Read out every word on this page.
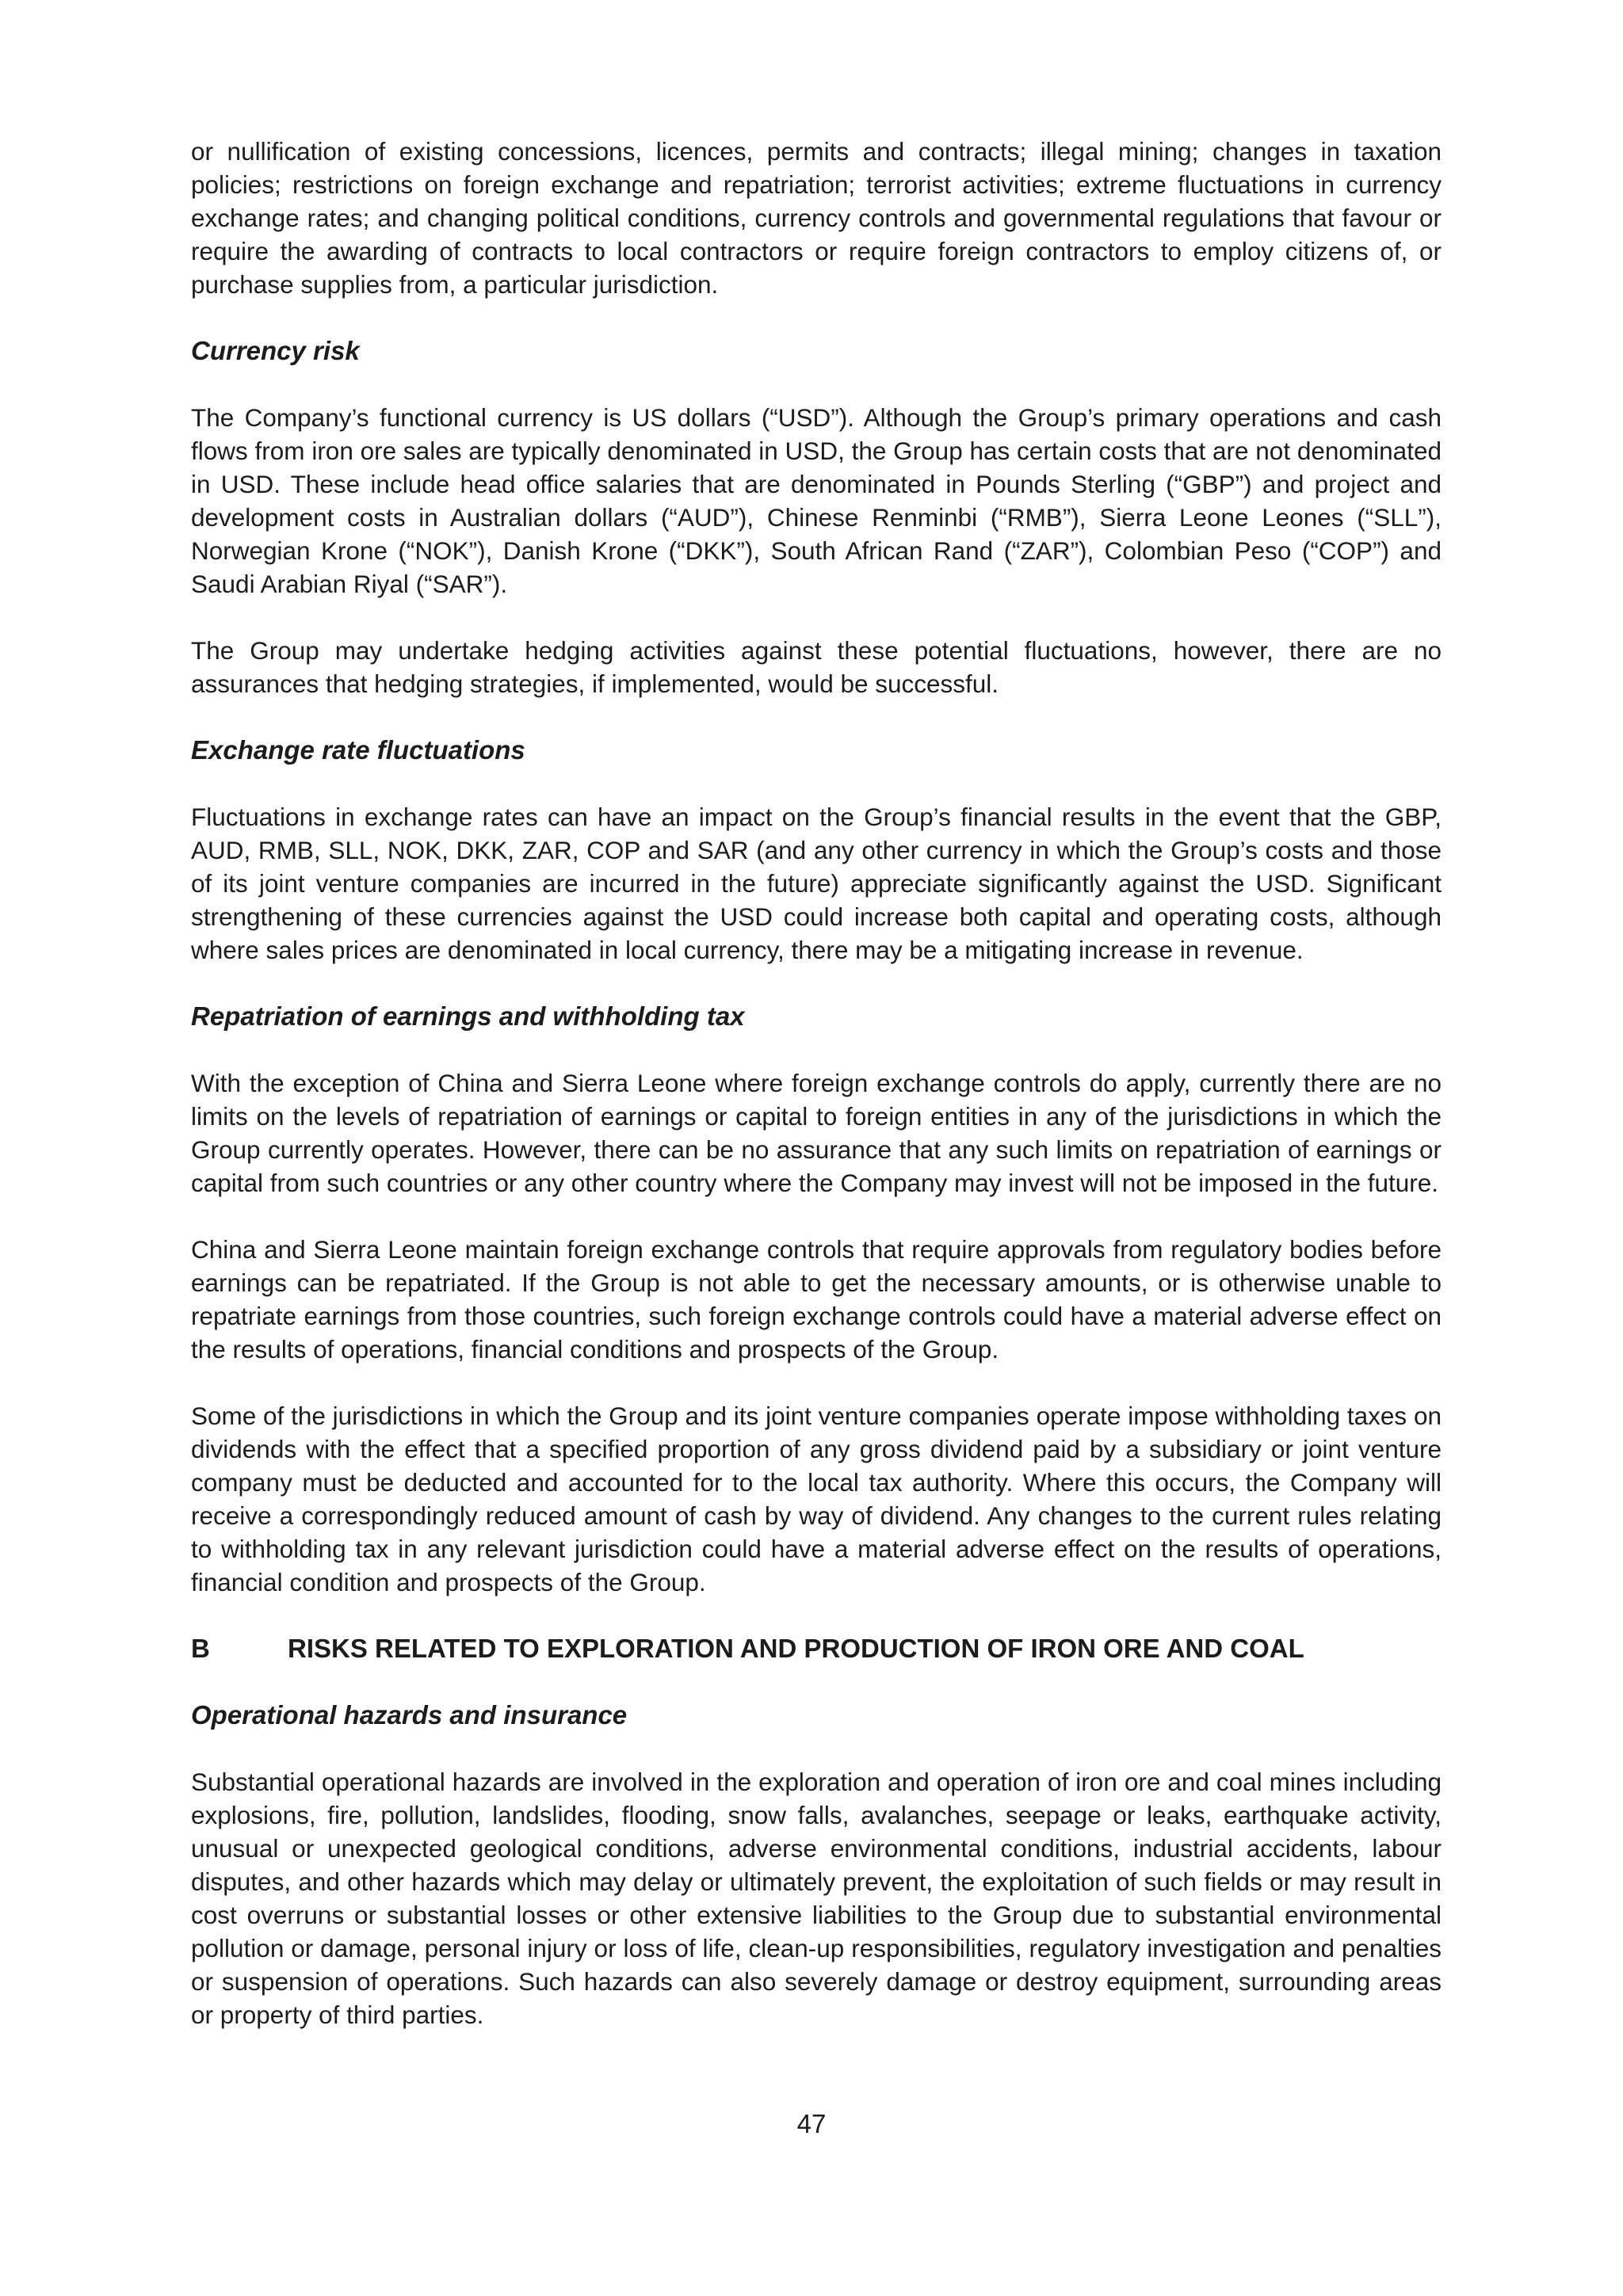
or nullification of existing concessions, licences, permits and contracts; illegal mining; changes in taxation policies; restrictions on foreign exchange and repatriation; terrorist activities; extreme fluctuations in currency exchange rates; and changing political conditions, currency controls and governmental regulations that favour or require the awarding of contracts to local contractors or require foreign contractors to employ citizens of, or purchase supplies from, a particular jurisdiction.

Currency risk

The Company’s functional currency is US dollars (“USD”). Although the Group’s primary operations and cash flows from iron ore sales are typically denominated in USD, the Group has certain costs that are not denominated in USD. These include head office salaries that are denominated in Pounds Sterling (“GBP”) and project and development costs in Australian dollars (“AUD”), Chinese Renminbi (“RMB”), Sierra Leone Leones (“SLL”), Norwegian Krone (“NOK”), Danish Krone (“DKK”), South African Rand (“ZAR”), Colombian Peso (“COP”) and Saudi Arabian Riyal (“SAR”).

The Group may undertake hedging activities against these potential fluctuations, however, there are no assurances that hedging strategies, if implemented, would be successful.

Exchange rate fluctuations

Fluctuations in exchange rates can have an impact on the Group’s financial results in the event that the GBP, AUD, RMB, SLL, NOK, DKK, ZAR, COP and SAR (and any other currency in which the Group’s costs and those of its joint venture companies are incurred in the future) appreciate significantly against the USD. Significant strengthening of these currencies against the USD could increase both capital and operating costs, although where sales prices are denominated in local currency, there may be a mitigating increase in revenue.

Repatriation of earnings and withholding tax

With the exception of China and Sierra Leone where foreign exchange controls do apply, currently there are no limits on the levels of repatriation of earnings or capital to foreign entities in any of the jurisdictions in which the Group currently operates. However, there can be no assurance that any such limits on repatriation of earnings or capital from such countries or any other country where the Company may invest will not be imposed in the future.

China and Sierra Leone maintain foreign exchange controls that require approvals from regulatory bodies before earnings can be repatriated. If the Group is not able to get the necessary amounts, or is otherwise unable to repatriate earnings from those countries, such foreign exchange controls could have a material adverse effect on the results of operations, financial conditions and prospects of the Group.

Some of the jurisdictions in which the Group and its joint venture companies operate impose withholding taxes on dividends with the effect that a specified proportion of any gross dividend paid by a subsidiary or joint venture company must be deducted and accounted for to the local tax authority. Where this occurs, the Company will receive a correspondingly reduced amount of cash by way of dividend. Any changes to the current rules relating to withholding tax in any relevant jurisdiction could have a material adverse effect on the results of operations, financial condition and prospects of the Group.

B	RISKS RELATED TO EXPLORATION AND PRODUCTION OF IRON ORE AND COAL
Operational hazards and insurance

Substantial operational hazards are involved in the exploration and operation of iron ore and coal mines including explosions, fire, pollution, landslides, flooding, snow falls, avalanches, seepage or leaks, earthquake activity, unusual or unexpected geological conditions, adverse environmental conditions, industrial accidents, labour disputes, and other hazards which may delay or ultimately prevent, the exploitation of such fields or may result in cost overruns or substantial losses or other extensive liabilities to the Group due to substantial environmental pollution or damage, personal injury or loss of life, clean-up responsibilities, regulatory investigation and penalties or suspension of operations. Such hazards can also severely damage or destroy equipment, surrounding areas or property of third parties.

47
